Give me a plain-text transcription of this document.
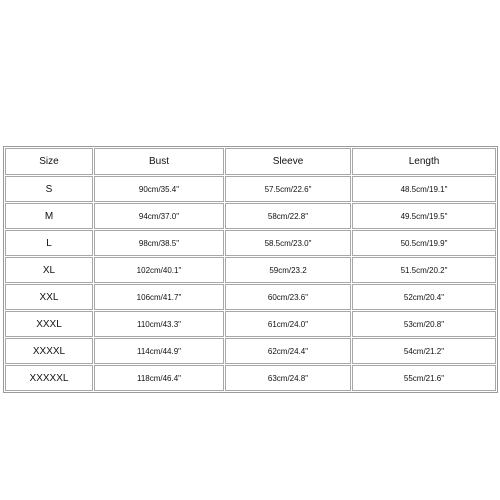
Size	Bust	Sleeve	Length
S	90cm/35.4"	57.5cm/22.6"	48.5cm/19.1"
M	94cm/37.0"	58cm/22.8"	49.5cm/19.5"
L	98cm/38.5"	58.5cm/23.0"	50.5cm/19.9"
XL	102cm/40.1"	59cm/23.2	51.5cm/20.2"
XXL	106cm/41.7"	60cm/23.6"	52cm/20.4"
XXXL	110cm/43.3"	61cm/24.0"	53cm/20.8"
XXXXL	114cm/44.9"	62cm/24.4"	54cm/21.2"
XXXXXL	118cm/46.4"	63cm/24.8"	55cm/21.6"
